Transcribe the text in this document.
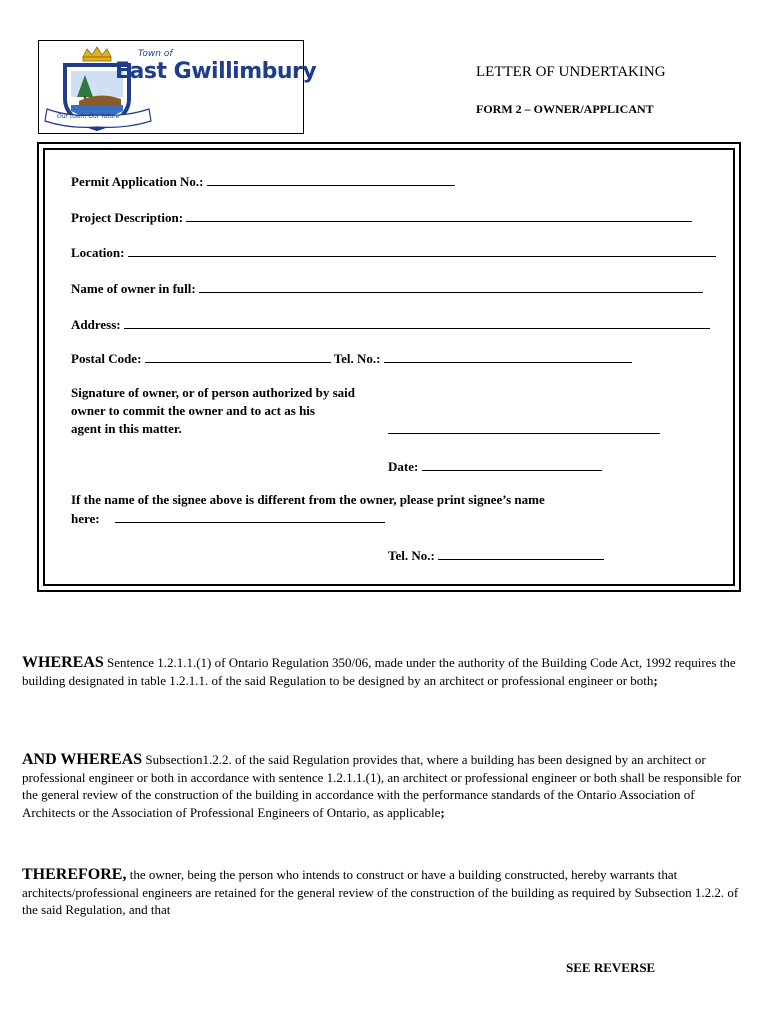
Town of
East Gwillimbury
Our town, Our future
LETTER OF UNDERTAKING
FORM 2 – OWNER/APPLICANT
Permit Application No.:
Project Description:
Location:
Name of owner in full:
Address:
Postal Code:	Tel. No.:
Signature of owner, or of person authorized by said
owner to commit the owner and to act as his
agent in this matter.
Date:
If the name of the signee above is different from the owner, please print signee’s name
here:
Tel. No.:
WHEREAS Sentence 1.2.1.1.(1) of Ontario Regulation 350/06, made under the authority of the Building Code Act, 1992 requires the building designated in table 1.2.1.1. of the said Regulation to be designed by an architect or professional engineer or both;
AND WHEREAS Subsection1.2.2. of the said Regulation provides that, where a building has been designed by an architect or professional engineer or both in accordance with sentence 1.2.1.1.(1), an architect or professional engineer or both shall be responsible for the general review of the construction of the building in accordance with the performance standards of the Ontario Association of Architects or the Association of Professional Engineers of Ontario, as applicable;
THEREFORE, the owner, being the person who intends to construct or have a building constructed, hereby warrants that architects/professional engineers are retained for the general review of the construction of the building as required by Subsection 1.2.2. of the said Regulation, and that
SEE REVERSE
